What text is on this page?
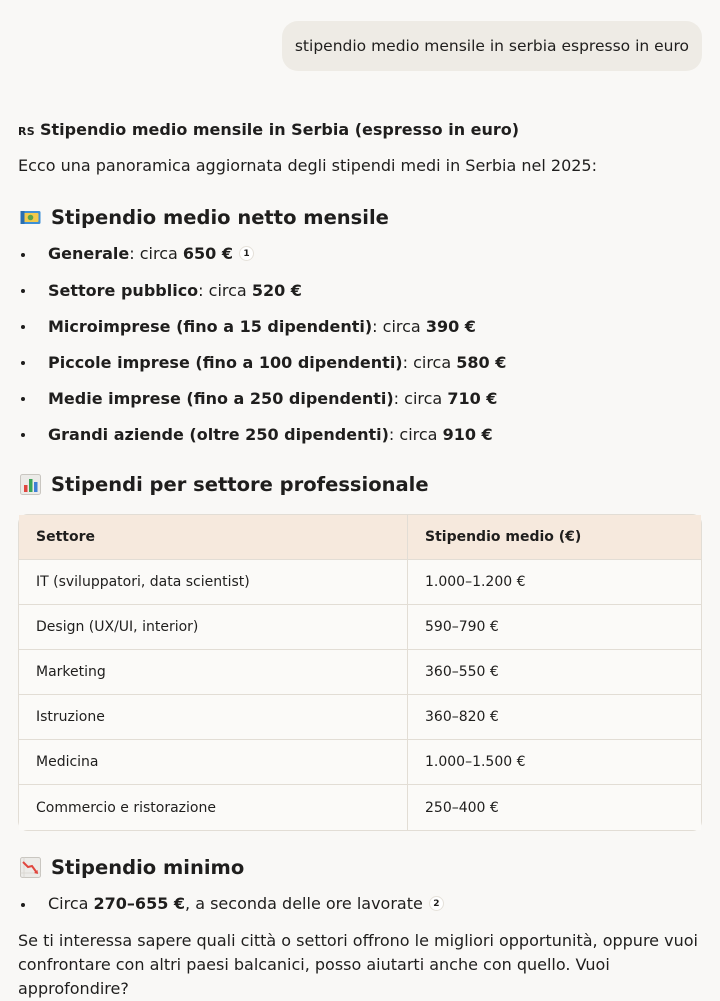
stipendio medio mensile in serbia espresso in euro
RS Stipendio medio mensile in Serbia (espresso in euro)

Ecco una panoramica aggiornata degli stipendi medi in Serbia nel 2025:

Stipendio medio netto mensile
Generale: circa 650 € 1
Settore pubblico: circa 520 €
Microimprese (fino a 15 dipendenti): circa 390 €
Piccole imprese (fino a 100 dipendenti): circa 580 €
Medie imprese (fino a 250 dipendenti): circa 710 €
Grandi aziende (oltre 250 dipendenti): circa 910 €
Stipendi per settore professionale
Settore	Stipendio medio (€)
IT (sviluppatori, data scientist)	1.000–1.200 €
Design (UX/UI, interior)	590–790 €
Marketing	360–550 €
Istruzione	360–820 €
Medicina	1.000–1.500 €
Commercio e ristorazione	250–400 €
Stipendio minimo
Circa 270–655 €, a seconda delle ore lavorate 2

Se ti interessa sapere quali città o settori offrono le migliori opportunità, oppure vuoi confrontare con altri paesi balcanici, posso aiutarti anche con quello. Vuoi approfondire?
